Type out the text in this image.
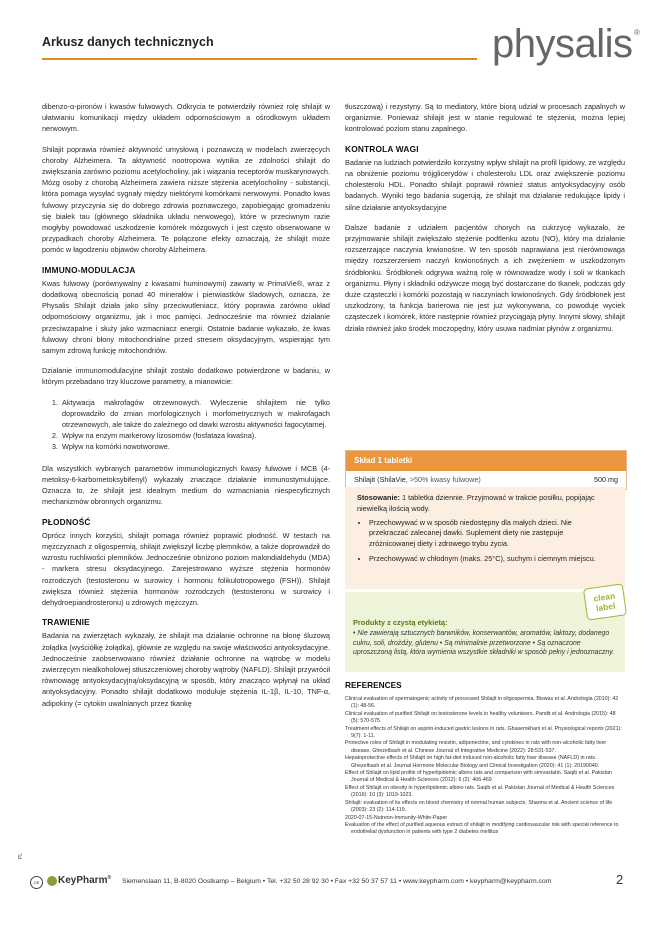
Arkusz danych technicznych	physalis ®

dibenzo-α-pironów i kwasów fulwowych. Odkrycia te potwierdziły również rolę shilajit w ułatwianiu komunikacji między układem odpornościowym a ośrodkowym układem nerwowym.

Shilajit poprawia również aktywność umysłową i poznawczą w modelach zwierzęcych choroby Alzheimera. Ta aktywność nootropowa wynika ze zdolności shilajit do zwiększania zarówno poziomu acetylocholiny, jak i wiązania receptorów muskarynowych. Mózg osoby z chorobą Alzheimera zawiera niższe stężenia acetylocholiny - substancji, która pomaga wysyłać sygnały między niektórymi komórkami nerwowymi. Ponadto kwas fulwowy przyczynia się do dobrego zdrowia poznawczego, zapobiegając gromadzeniu się białek tau (głównego składnika układu nerwowego), które w przeciwnym razie mogłyby powodować uszkodzenie komórek mózgowych i jest często obserwowane w przypadkach choroby Alzheimera. Te połączone efekty oznaczają, że shilajit może pomóc w łagodzeniu objawów choroby Alzheimera.

IMMUNO-MODULACJA

Kwas fulwowy (porównywalny z kwasami huminowymi) zawarty w PrimaVie®, wraz z dodatkową obecnością ponad 40 minerałów i pierwiastków śladowych, oznacza, że Physalis Shilajit działa jako silny przeciwutleniacz, który poprawia zarówno układ odpornościowy organizmu, jak i moc pamięci. Jednocześnie ma również działanie przeciwzapalne i służy jako wzmacniacz energii. Ostatnie badanie wykazało, że kwas fulwowy chroni błony mitochondrialne przed stresem oksydacyjnym, wspierając tym samym zdrową funkcję mitochondriów.

Działanie immunomodulacyjne shilajit zostało dodatkowo potwierdzone w badaniu, w którym przebadano trzy kluczowe parametry, a mianowicie:

1. Aktywacja makrofagów otrzewnowych. Wyleczenie shilajitem nie tylko doprowadziło do zmian morfologicznych i morfometrycznych w makrofagach otrzewnowych, ale także do zależnego od dawki wzrostu aktywności fagocytarnej.
2. Wpływ na enzym markerowy lizosomów (fosfataza kwaśna).
3. Wpływ na komórki nowotworowe.

Dla wszystkich wybranych parametrów immunologicznych kwasy fulwowe i MCB (4-metoksy-6-karbometoksybifenyl) wykazały znaczące działanie immunostymulujące. Oznacza to, że shilajit jest idealnym medium do wzmacniania niespecyficznych mechanizmów obronnych organizmu.

PŁODNOŚĆ

Oprócz innych korzyści, shilajit pomaga również poprawić płodność. W testach na mężczyznach z oligospermią, shilajit zwiększył liczbę plemników, a także doprowadził do wzrostu ruchliwości plemników. Jednocześnie obniżono poziom malondialdehydu (MDA) - markera stresu oksydacyjnego. Zarejestrowano wyższe stężenia hormonów rozrodczych (testosteronu w surowicy i hormonu folikulotropowego (FSH)). Shilajit zwiększa również stężenia hormonów rozrodczych (testosteronu w surowicy i dehydroepiandrosteronu) u zdrowych mężczyzn.

TRAWIENIE

Badania na zwierzętach wykazały, że shilajit ma działanie ochronne na błonę śluzową żołądka (wyściółkę żołądka), głównie ze względu na swoje właściwości antyoksydacyjne. Jednocześnie zaobserwowano również działanie ochronne na wątrobę w modelu zwierzęcym niealkoholowej stłuszczeniowej choroby wątroby (NAFLD). Shilajit przywrócił równowagę antyoksydacyjną/oksydacyjną w sposób, który znacząco wpłynął na układ antyoksydacyjny. Ponadto shilajit dodatkowo moduluje stężenia IL-1β, IL-10, TNF-α, adipokiny (= cytokin uwalnianych przez tkankę

tłuszczową) i rezystyny. Są to mediatory, które biorą udział w procesach zapalnych w organizmie. Ponieważ shilajit jest w stanie regulować te stężenia, można lepiej kontrolować poziom stanu zapalnego.

KONTROLA WAGI

Badanie na ludziach potwierdziło korzystny wpływ shilajit na profil lipidowy, ze względu na obniżenie poziomu trójglicerydów i cholesterolu LDL oraz zwiększenie poziomu cholesterolu HDL. Ponadto shilajit poprawił również status antyoksydacyjny osób badanych. Wyniki tego badania sugerują, że shilajit ma działanie redukujące lipidy i silne działanie antyoksydacyjne

Dalsze badanie z udziałem pacjentów chorych na cukrzycę wykazało, że przyjmowanie shilajit zwiększało stężenie podtlenku azotu (NO), który ma działanie rozszerzające naczynia krwionośne. W ten sposób naprawiana jest nierównowaga między rozszerzeniem naczyń krwionośnych a ich zwężeniem w uszkodzonym śródbłonku. Śródbłonek odgrywa ważną rolę w równowadze wody i soli w tkankach organizmu. Płyny i składniki odżywcze mogą być dostarczane do tkanek, podczas gdy duże cząsteczki i komórki pozostają w naczyniach krwionośnych. Gdy śródbłonek jest uszkodzony, ta funkcja barierowa nie jest już wykonywana, co powoduje wyciek cząsteczek i komórek, które następnie również przyciągają płyny. Innymi słowy, shilajit działa również jako środek moczopędny, który usuwa nadmiar płynów z organizmu.

Skład 1 tabletki
Shilajit (ShilaVie, >50% kwasy fulwowe)	500 mg
Stosowanie: 1 tabletka dziennie. Przyjmować w trakcie posiłku, popijając niewielką ilością wody.
• Przechowywać w w sposób niedostępny dla małych dzieci. Nie przekraczać zalecanej dawki. Suplement diety nie zastępuje zróżnicowanej diety i zdrowego trybu życia.
• Przechowywać w chłodnym (maks. 25°C), suchym i ciemnym miejscu.
clean
label
Produkty z czystą etykietą:
• Nie zawierają sztucznych barwników, konserwantów, aromatów, laktozy, dodanego cukru, soli, drożdży, glutenu • Są minimalnie przetworzone • Są oznaczone uproszczoną listą, która wymienia wszystkie składniki w sposób pełny i jednoznaczny.
REFERENCES

Clinical evaluation of spermatogenic activity of processed Shilajit in oligospermia. Biswas et al. Andrologia (2010): 42 (1): 48-56.

Clinical evaluation of purified Shilajit on testosterone levels in healthy volunteers. Pandit et al. Andrologia (2015): 48 (5): 570-575.

Treatment effects of Shilajit on aspirin-induced gastric lesions in rats. Ghasemkhani et al. Physiological reports (2021): 9(7): 1-11.

Protective roles of Shilajit in modulating resistin, adiponectine, and cytokines in rats with non-alcoholic fatty liver disease. Ghezelbash et al. Chinese Journal of Integrative Medicine (2022): 28:531-537.

Hepatoprotective effects of Shilajit on high fat-diet induced non-alcoholic fatty liver disease (NAFLD) in rats. Ghezelbash et al. Journal Hormone Molecular Biology and Clinical Investigation (2020): 41 (1): 20190040.

Effect of Shilajit on lipid profile of hyperlipidemic albino rats and comparison with simvastatin. Saqib et al. Pakistan Journal of Medical & Health Sciences (2012): 6 (2): 466-469

Effect of Shilajit on obesity in hyperlipidemic albino rats. Saqib et al. Pakistan Journal of Medical & Health Sciences (2016): 10 (3): 1019-1023.

Shilajit: evaluation of its effects on blood chemistry of normal human subjects. Sharma et al. Ancient science of life (2003): 23 (2): 114-119.

2020-07-15-Nutreon-Immunity-White-Paper

Evaluation of the effect of purified aqueous extract of shilajit in modifying cardiovascular risk with special reference to endothelial dysfunction in patients with type 2 diabetes mellitus

PL
CE	KeyPharm® Siemenslaan 11, B-8020 Oostkamp – Belgium • Tel. +32 50 28 92 30 • Fax +32 50 37 57 11 • www.keypharm.com • keypharm@keypharm.com	2
